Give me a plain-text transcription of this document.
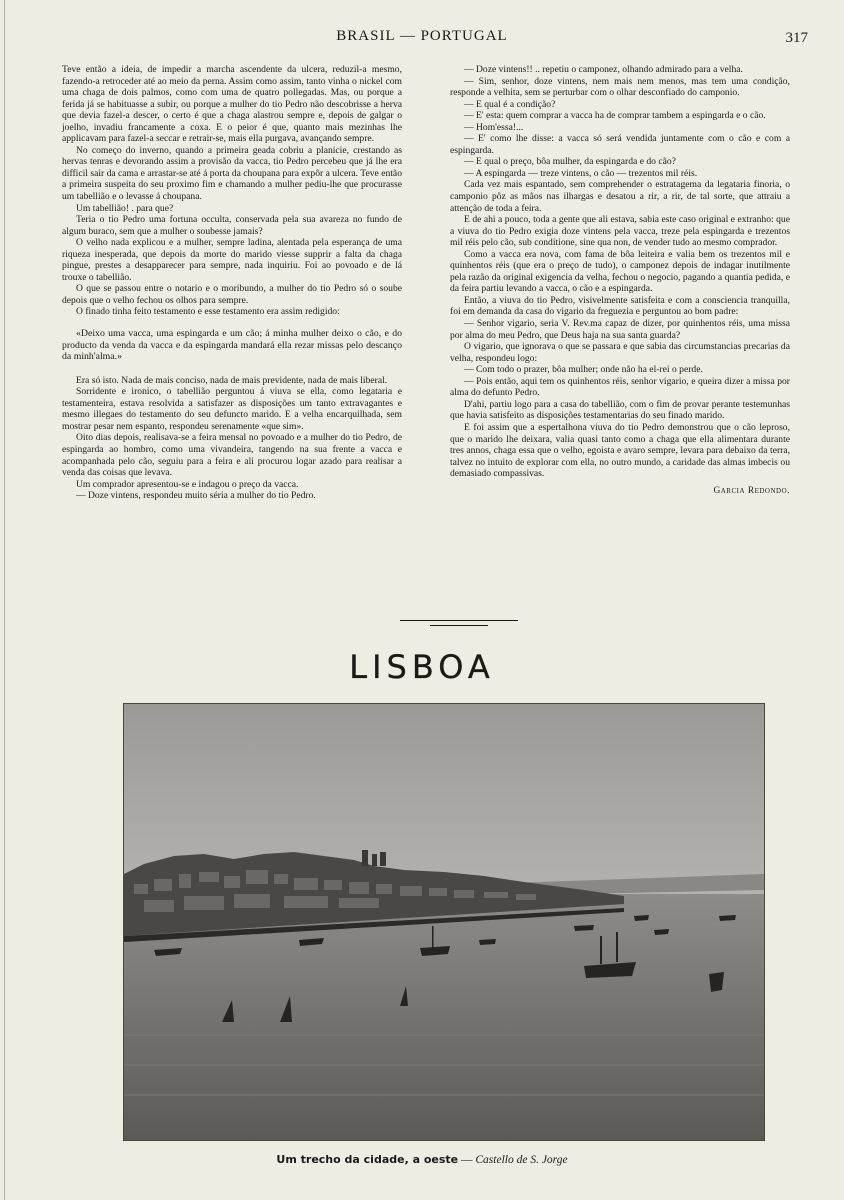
BRASIL — PORTUGAL	317

Teve então a ideia, de impedir a marcha ascendente da ulcera, reduzil-a mesmo, fazendo-a retroceder até ao meio da perna. Assim como assim, tanto vinha o nickel com uma chaga de dois palmos, como com uma de quatro pollegadas. Mas, ou porque a ferida já se habituasse a subir, ou porque a mulher do tio Pedro não descobrisse a herva que devia fazel-a descer, o certo é que a chaga alastrou sempre e, depois de galgar o joelho, invadiu francamente a coxa. E o peior é que, quanto mais mezinhas lhe applicavam para fazel-a seccar e retrair-se, mais ella purgava, avançando sempre.

No começo do inverno, quando a primeira geada cobriu a planicie, crestando as hervas tenras e devorando assim a provisão da vacca, tio Pedro percebeu que já lhe era difficil sair da cama e arrastar-se até á porta da choupana para expôr a ulcera. Teve então a primeira suspeita do seu proximo fim e chamando a mulher pediu-lhe que procurasse um tabellião e o levasse á choupana.

Um tabellião! . para que?

Teria o tio Pedro uma fortuna occulta, conservada pela sua avareza no fundo de algum buraco, sem que a mulher o soubesse jamais?

O velho nada explicou e a mulher, sempre ladina, alentada pela esperança de uma riqueza inesperada, que depois da morte do marido viesse supprir a falta da chaga pingue, prestes a desapparecer para sempre, nada inquiriu. Foi ao povoado e de lá trouxe o tabellião.

O que se passou entre o notario e o moribundo, a mulher do tio Pedro só o soube depois que o velho fechou os olhos para sempre.

O finado tinha feito testamento e esse testamento era assim redigido:

«Deixo uma vacca, uma espingarda e um cão; á minha mulher deixo o cão, e do producto da venda da vacca e da espingarda mandará ella rezar missas pelo descanço da minh'alma.»

Era só isto. Nada de mais conciso, nada de mais previdente, nada de mais liberal.

Sorridente e ironico, o tabellião perguntou á viuva se ella, como legataria e testamenteira, estava resolvida a satisfazer as disposições um tanto extravagantes e mesmo illegaes do testamento do seu defuncto marido. E a velha encarquilhada, sem mostrar pesar nem espanto, respondeu serenamente «que sim».

Oito dias depois, realisava-se a feira mensal no povoado e a mulher do tio Pedro, de espingarda ao hombro, como uma vivandeira, tangendo na sua frente a vacca e acompanhada pelo cão, seguiu para a feira e ali procurou logar azado para realisar a venda das coisas que levava.

Um comprador apresentou-se e indagou o preço da vacca.

— Doze vintens, respondeu muito séria a mulher do tio Pedro.

— Doze vintens!! .. repetiu o camponez, olhando admirado para a velha.

— Sim, senhor, doze vintens, nem mais nem menos, mas tem uma condição, responde a velhita, sem se perturbar com o olhar desconfiado do camponio.

— E qual é a condição?

— E' esta: quem comprar a vacca ha de comprar tambem a espingarda e o cão.

— Hom'essa!...

— E' como lhe disse: a vacca só será vendida juntamente com o cão e com a espingarda.

— E qual o preço, bôa mulher, da espingarda e do cão?

— A espingarda — treze vintens, o cão — trezentos mil réis.

Cada vez mais espantado, sem comprehender o estratagema da legataria finoria, o camponio pôz as mãos nas ilhargas e desatou a rir, a rir, de tal sorte, que attraiu a attenção de toda a feira.

E de ahi a pouco, toda a gente que ali estava, sabia este caso original e extranho: que a viuva do tio Pedro exigia doze vintens pela vacca, treze pela espingarda e trezentos mil réis pelo cão, sub conditione, sine qua non, de vender tudo ao mesmo comprador.

Como a vacca era nova, com fama de bôa leiteira e valia bem os trezentos mil e quinhentos réis (que era o preço de tudo), o camponez depois de indagar inutilmente pela razão da original exigencia da velha, fechou o negocio, pagando a quantia pedida, e da feira partiu levando a vacca, o cão e a espingarda.

Então, a viuva do tio Pedro, visivelmente satisfeita e com a consciencia tranquilla, foi em demanda da casa do vigario da freguezia e perguntou ao bom padre:

— Senhor vigario, seria V. Rev.ma capaz de dizer, por quinhentos réis, uma missa por alma do meu Pedro, que Deus haja na sua santa guarda?

O vigario, que ignorava o que se passara e que sabia das circumstancias precarias da velha, respondeu logo:

— Com todo o prazer, bôa mulher; onde não ha el-rei o perde.

— Pois então, aqui tem os quinhentos réis, senhor vigario, e queira dizer a missa por alma do defunto Pedro.

D'ahi, partiu logo para a casa do tabellião, com o fim de provar perante testemunhas que havia satisfeito as disposições testamentarias do seu finado marido.

E foi assim que a espertalhona viuva do tio Pedro demonstrou que o cão leproso, que o marido lhe deixara, valia quasi tanto como a chaga que ella alimentara durante tres annos, chaga essa que o velho, egoista e avaro sempre, levara para debaixo da terra, talvez no intuito de explorar com ella, no outro mundo, a caridade das almas imbecis ou demasiado compassivas.

Garcia Redondo.

LISBOA
Um trecho da cidade, a oeste — Castello de S. Jorge
